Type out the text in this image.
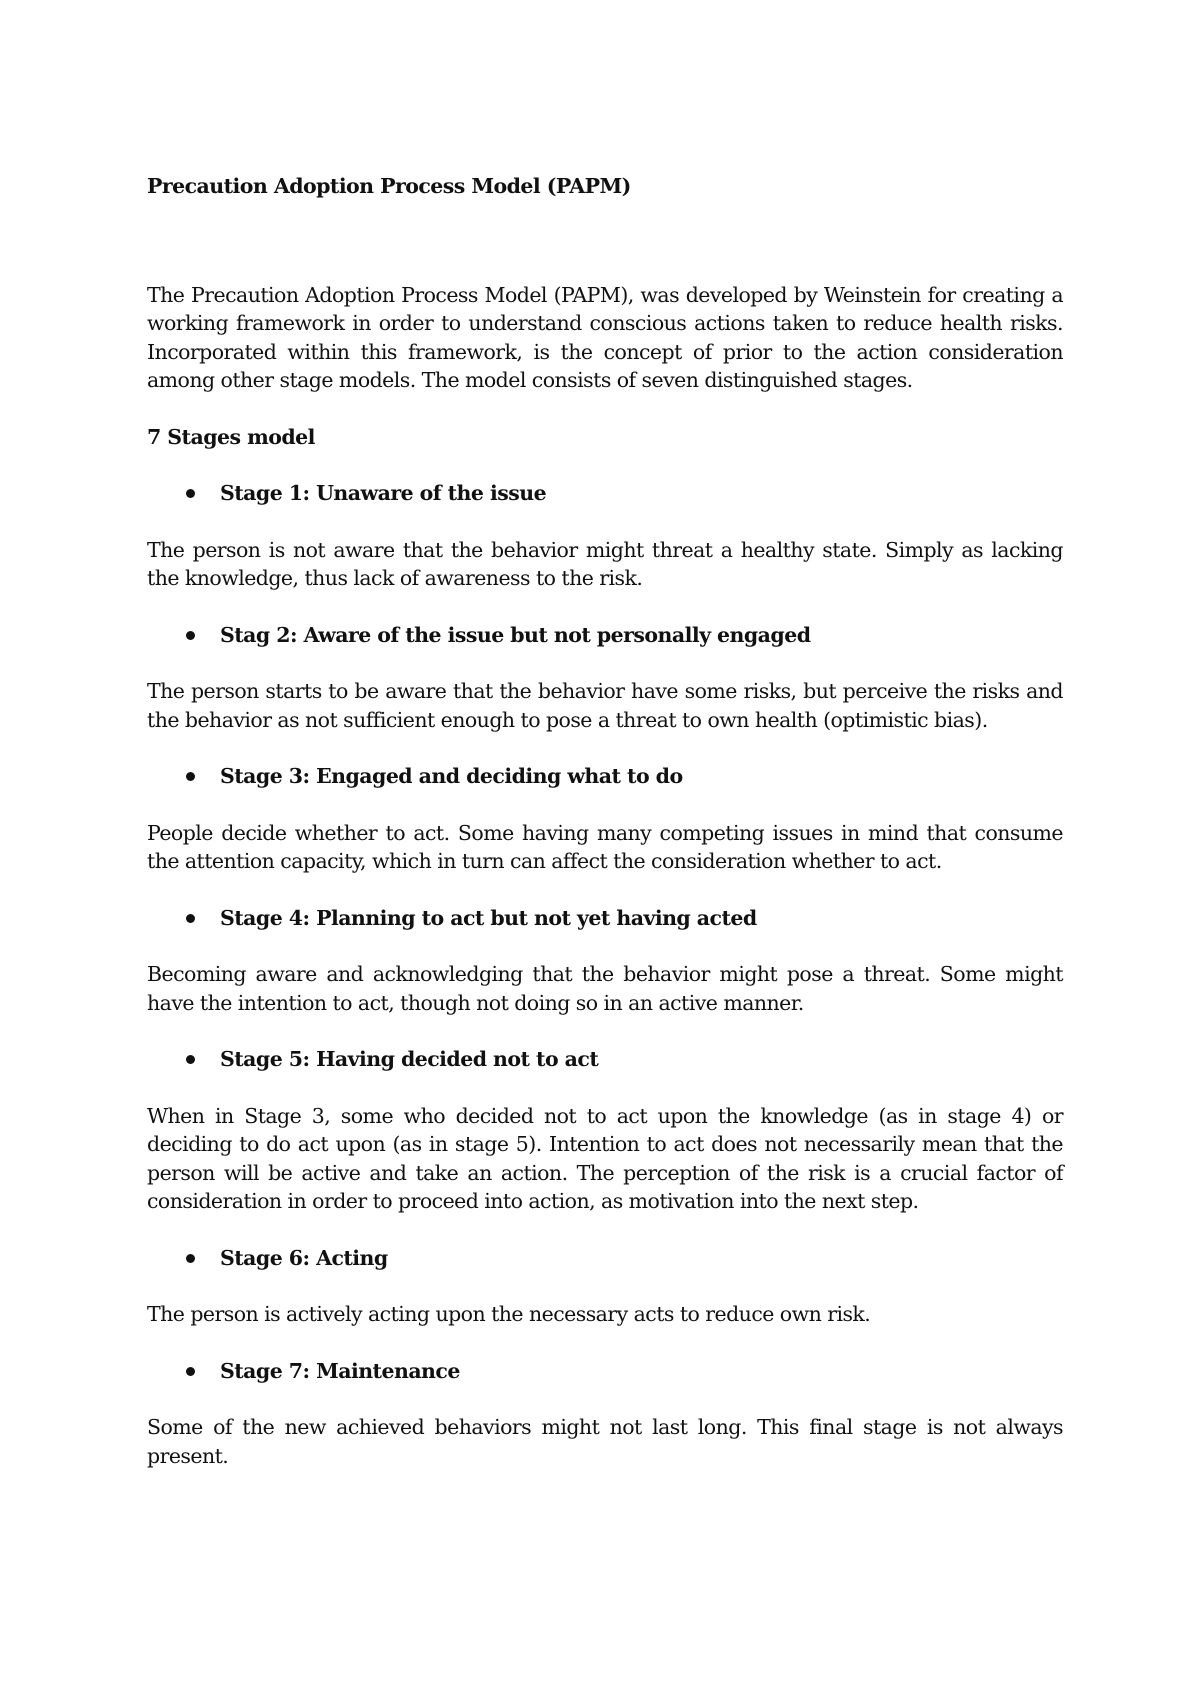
Precaution Adoption Process Model (PAPM)
The Precaution Adoption Process Model (PAPM), was developed by Weinstein for creating a working framework in order to understand conscious actions taken to reduce health risks. Incorporated within this framework, is the concept of prior to the action consideration among other stage models. The model consists of seven distinguished stages.
7 Stages model
Stage 1: Unaware of the issue
The person is not aware that the behavior might threat a healthy state. Simply as lacking the knowledge, thus lack of awareness to the risk.
Stag 2: Aware of the issue but not personally engaged
The person starts to be aware that the behavior have some risks, but perceive the risks and the behavior as not sufficient enough to pose a threat to own health (optimistic bias).
Stage 3: Engaged and deciding what to do
People decide whether to act. Some having many competing issues in mind that consume the attention capacity, which in turn can affect the consideration whether to act.
Stage 4: Planning to act but not yet having acted
Becoming aware and acknowledging that the behavior might pose a threat. Some might have the intention to act, though not doing so in an active manner.
Stage 5: Having decided not to act
When in Stage 3, some who decided not to act upon the knowledge (as in stage 4) or deciding to do act upon (as in stage 5). Intention to act does not necessarily mean that the person will be active and take an action. The perception of the risk is a crucial factor of consideration in order to proceed into action, as motivation into the next step.
Stage 6: Acting
The person is actively acting upon the necessary acts to reduce own risk.
Stage 7: Maintenance
Some of the new achieved behaviors might not last long. This final stage is not always present.
